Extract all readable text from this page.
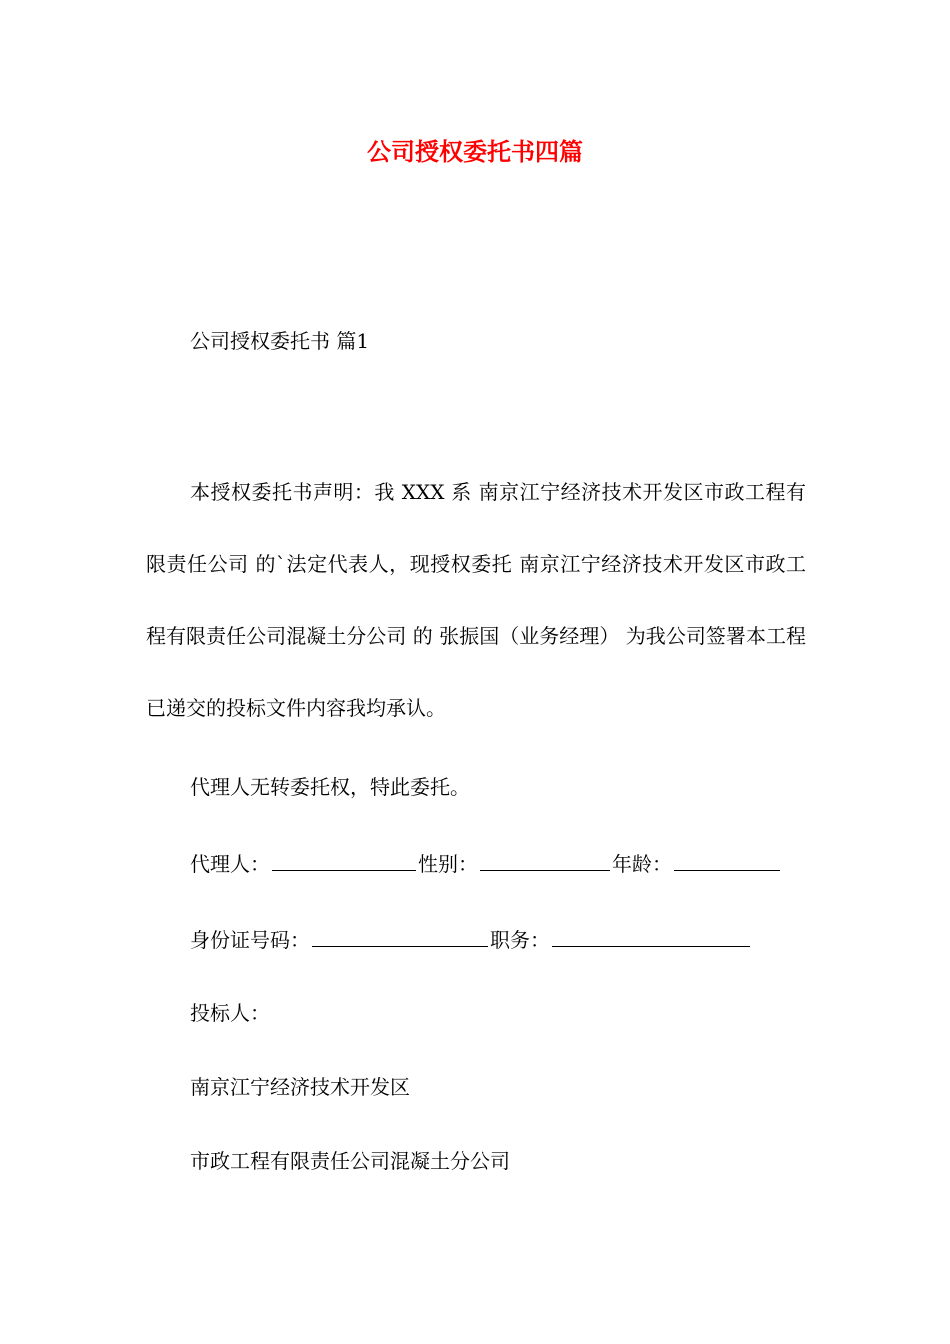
公司授权委托书四篇

公司授权委托书 篇1

本授权委托书声明：我 XXX 系 南京江宁经济技术开发区市政工程有限责任公司 的`法定代表人，现授权委托 南京江宁经济技术开发区市政工程有限责任公司混凝土分公司 的 张振国（业务经理） 为我公司签署本工程已递交的投标文件内容我均承认。

代理人无转委托权，特此委托。

代理人：	性别：	年龄：
身份证号码：	职务：

投标人：

南京江宁经济技术开发区

市政工程有限责任公司混凝土分公司
